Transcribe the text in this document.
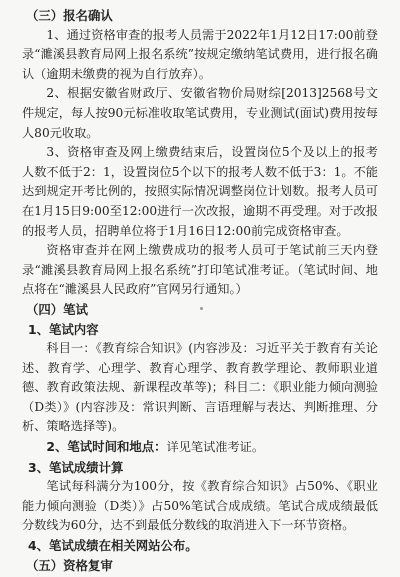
（三）报名确认

1、通过资格审查的报考人员需于2022年1月12日17:00前登录“濉溪县教育局网上报名系统”按规定缴纳笔试费用，进行报名确认（逾期未缴费的视为自行放弃）。

2、根据安徽省财政厅、安徽省物价局财综[2013]2568号文件规定，每人按90元标准收取笔试费用，专业测试(面试)费用按每人80元收取。

3、资格审查及网上缴费结束后，设置岗位5个及以上的报考人数不低于2：1，设置岗位5个以下的报考人数不低于3：1。不能达到规定开考比例的，按照实际情况调整岗位计划数。报考人员可在1月15日9:00至12:00进行一次改报，逾期不再受理。对于改报的报考人员，招聘单位将于1月16日12:00前完成资格审查。

资格审查并在网上缴费成功的报考人员可于笔试前三天内登录“濉溪县教育局网上报名系统”打印笔试准考证。（笔试时间、地点将在“濉溪县人民政府”官网另行通知。）

（四）笔试
1、笔试内容

科目一：《教育综合知识》(内容涉及：习近平关于教育有关论述、教育学、心理学、教育心理学、教育教学理论、教师职业道德、教育政策法规、新课程改革等)；科目二：《职业能力倾向测验（D类）》(内容涉及：常识判断、言语理解与表达、判断推理、分析、策略选择等)。

2、笔试时间和地点：详见笔试准考证。

3、笔试成绩计算

笔试每科满分为100分，按《教育综合知识》占50%、《职业能力倾向测验（D类）》占50%笔试合成成绩。笔试合成成绩最低分数线为60分，达不到最低分数线的取消进入下一环节资格。

4、笔试成绩在相关网站公布。
（五）资格复审
